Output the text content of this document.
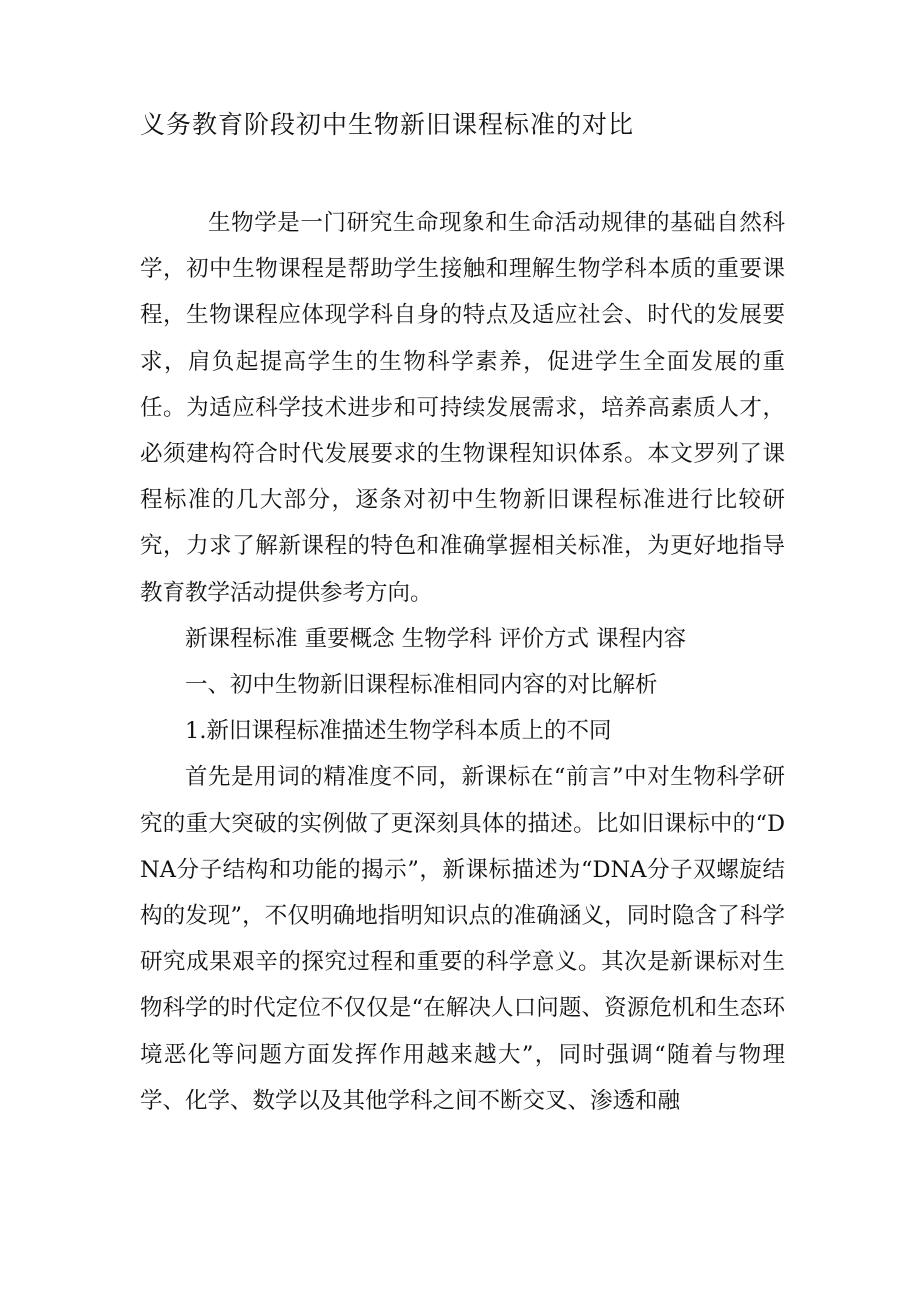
义务教育阶段初中生物新旧课程标准的对比

生物学是一门研究生命现象和生命活动规律的基础自然科学，初中生物课程是帮助学生接触和理解生物学科本质的重要课程，生物课程应体现学科自身的特点及适应社会、时代的发展要求，肩负起提高学生的生物科学素养，促进学生全面发展的重任。为适应科学技术进步和可持续发展需求，培养高素质人才，必须建构符合时代发展要求的生物课程知识体系。本文罗列了课程标准的几大部分，逐条对初中生物新旧课程标准进行比较研究，力求了解新课程的特色和准确掌握相关标准，为更好地指导教育教学活动提供参考方向。

新课程标准 重要概念 生物学科 评价方式 课程内容

一、初中生物新旧课程标准相同内容的对比解析

1.新旧课程标准描述生物学科本质上的不同

首先是用词的精准度不同，新课标在“前言”中对生物科学研究的重大突破的实例做了更深刻具体的描述。比如旧课标中的“DNA分子结构和功能的揭示”，新课标描述为“DNA分子双螺旋结构的发现”，不仅明确地指明知识点的准确涵义，同时隐含了科学研究成果艰辛的探究过程和重要的科学意义。其次是新课标对生物科学的时代定位不仅仅是“在解决人口问题、资源危机和生态环境恶化等问题方面发挥作用越来越大”，同时强调“随着与物理学、化学、数学以及其他学科之间不断交叉、渗透和融
